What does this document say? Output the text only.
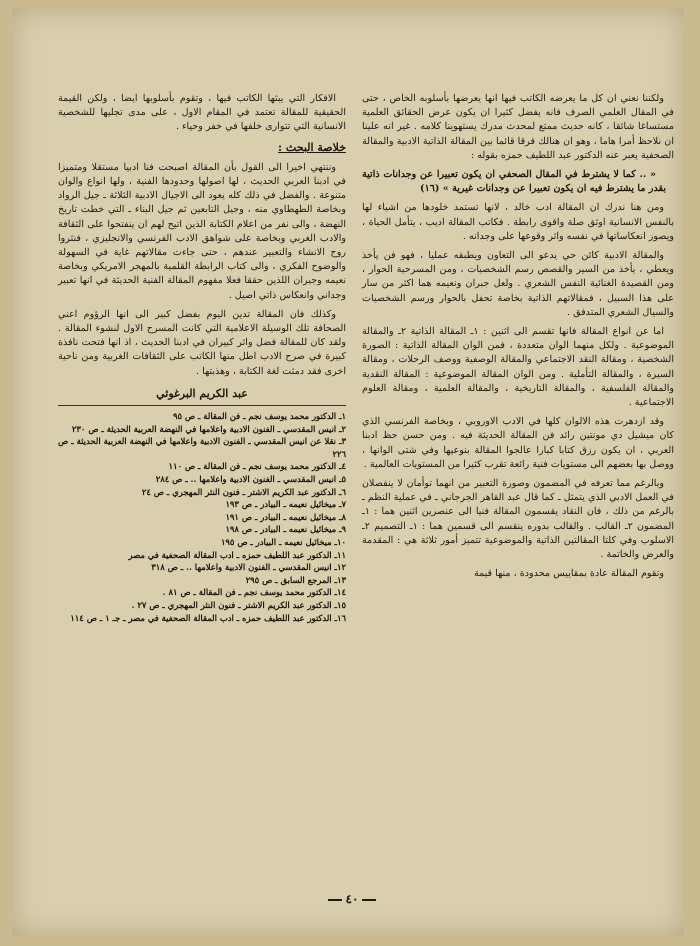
ولكننا نعني ان كل ما يعرضه الكاتب فيها انها يعرضها بأسلوبه الخاص ، حتى في المقال العلمي الصرف فانه يفضل كثيرا ان يكون عرض الحقائق العلمية مستساغا شائقا ، كانه حديث ممتع لمحدث مدرك يستهوينا كلامه . غير انه علينا ان نلاحظ أمرا هاما ، وهو ان هنالك فرقا قائما بين المقالة الذاتية الادبية والمقالة الصحفية يعبر عنه الدكتور عبد اللطيف حمزه بقوله :

« .. كما لا يشترط في المقال الصحفي ان يكون تعبيرا عن وجدانات ذاتية بقدر ما يشترط فيه ان يكون تعبيرا عن وجدانات غيرية » (١٦)

ومن هنا ندرك ان المقالة ادب خالد ، لانها تستمد خلودها من اشياء لها بالنفس الانسانية اوثق صلة واقوى رابطة . فكاتب المقالة اديب ، يتأمل الحياة ، ويصور انعكاساتها في نفسه واثر وقوعها على وجدانه .

والمقالة الادبية كائن حي يدعو الى التعاون ويطبقه عمليا ، فهو فن يأخذ ويعطي ، يأخذ من السير والقصص رسم الشخصيات ، ومن المسرحية الحوار ، ومن القصيدة الغنائية النفس الشعري . ولعل جبران ونعيمه هما اكثر من سار على هذا السبيل ، فمقالاتهم الذاتية بخاصة تحفل بالحوار ورسم الشخصيات والسيال الشعري المتدفق .

اما عن انواع المقالة فانها تقسم الى اثنين : ١ـ المقالة الذاتية ٢ـ والمقالة الموضوعية . ولكل منهما الوان متعددة ، فمن الوان المقالة الذاتية : الصورة الشخصية ، ومقالة النقد الاجتماعي والمقالة الوصفية ووصف الرحلات ، ومقالة السيرة ، والمقالة التأملية . ومن الوان المقالة الموضوعية : المقالة النقدية والمقالة الفلسفية ، والمقالة التاريخية ، والمقالة العلمية ، ومقالة العلوم الاجتماعية .

وقد ازدهرت هذه الالوان كلها في الادب الاوروبي ، وبخاصة الفرنسي الذي كان ميشيل دي مونتين رائد فن المقالة الحديثة فيه . ومن حسن حظ ادبنا العربي ، ان يكون رزق كتابا كبارا عالجوا المقالة بنوعيها وفي شتى الوانها ، ووصل بها بعضهم الى مستويات فنية رائعة تقرب كثيرا من المستويات العالمية .

وبالرغم مما تعرفه في المضمون وصورة التعبير من انهما توأمان لا ينفصلان في العمل الادبي الذي يتمثل ـ كما قال عبد القاهر الجرجاني ـ في عملية النظم ـ بالرغم من ذلك ، فان النقاد يقسمون المقالة فنيا الى عنصرين اثنين هما : ١ـ المضمون ٢ـ القالب . والقالب بدوره ينقسم الى قسمين هما : ١ـ التصميم ٢ـ الاسلوب وفي كلتا المقالتين الذاتية والموضوعية تتميز أمور ثلاثة هي : المقدمة والعرض والخاتمة .

وتقوم المقالة عادة بمقاييس محدودة ، منها قيمة

الافكار التي يبثها الكاتب فيها ، وتقوم بأسلوبها ايضا ، ولكن القيمة الحقيقية للمقالة تعتمد في المقام الاول ، على مدى تجليها للشخصية الانسانية التي تتوارى خلفها في خفر وحياء .

خلاصة البحث :

وننتهي اخيرا الى القول بأن المقالة اصبحت فنا ادبيا مستقلا ومتميزا في ادبنا العربي الحديث ، لها اصولها وحدودها الفنية ، ولها انواع والوان متنوعة . والفضل في ذلك كله يعود الى الاجيال الادبية الثلاثة ـ جيل الرواد وبخاصة الطهطاوي منه ، وجيل التابعين ثم جيل البناء ـ التي خطت تاريخ النهضة ، والى نفر من اعلام الكتابة الذين اتيح لهم ان ينفتحوا على الثقافة والادب الغربي وبخاصة على شواهق الادب الفرنسي والانجليزي ، فنثروا روح الانشاء والتعبير عندهم ، حتى جاءت مقالاتهم غاية في السهولة والوضوح الفكري ، والى كتاب الرابطة القلمية بالمهجر الامريكي وبخاصة نعيمه وجبران اللذين حققا فعلا مفهوم المقالة الفنية الحديثة في انها تعبير وجداني وانعكاس ذاتي اصيل .

وكذلك فان المقالة تدين اليوم بفضل كبير الى انها الرؤوم اعني الصحافة تلك الوسيلة الاعلامية التي كانت المسرح الاول لنشوء المقالة . ولقد كان للمقالة فضل واثر كبيران في ادبنا الحديث ، اذ انها فتحت نافذة كبيرة في صرح الادب اطل منها الكاتب على الثقافات الغربية ومن ناحية اخرى فقد دمثت لغة الكتابة ، وهذبتها .

عبد الكريم البرغوثي
١ـ الدكتور محمد يوسف نجم ـ فن المقالة ـ ص ٩٥
٢ـ انيس المقدسي ـ الفنون الادبية واعلامها في النهضة العربية الحديثة ـ ص ٢٣٠
٣ـ نقلا عن انيس المقدسي ـ الفنون الادبية واعلامها في النهضة العربية الحديثة ـ ص ٢٢٦
٤ـ الدكتور محمد يوسف نجم ـ فن المقالة ـ ص ١١٠
٥ـ انيس المقدسي ـ الفنون الادبية واعلامها .. ـ ص ٢٨٤
٦ـ الدكتور عبد الكريم الاشتر ـ فنون النثر المهجري ـ ص ٢٤
٧ـ ميخائيل نعيمه ـ البيادر ـ ص ١٩٣
٨ـ ميخائيل نعيمه ـ البيادر ـ ص ١٩١
٩ـ ميخائيل نعيمه ـ البيادر ـ ص ١٩٨
١٠ـ ميخائيل نعيمه ـ البيادر ـ ص ١٩٥
١١ـ الدكتور عبد اللطيف حمزه ـ ادب المقالة الصحفية في مصر
١٢ـ انيس المقدسي ـ الفنون الادبية واعلامها .. ـ ص ٣١٨
١٣ـ المرجع السابق ـ ص ٢٩٥
١٤ـ الدكتور محمد يوسف نجم ـ فن المقالة ـ ص ٨١ .
١٥ـ الدكتور عبد الكريم الاشتر ـ فنون النثر المهجري ـ ص ٢٧ .
١٦ـ الدكتور عبد اللطيف حمزه ـ ادب المقالة الصحفية في مصر ـ جـ ١ ـ ص ١١٤
٤٠
